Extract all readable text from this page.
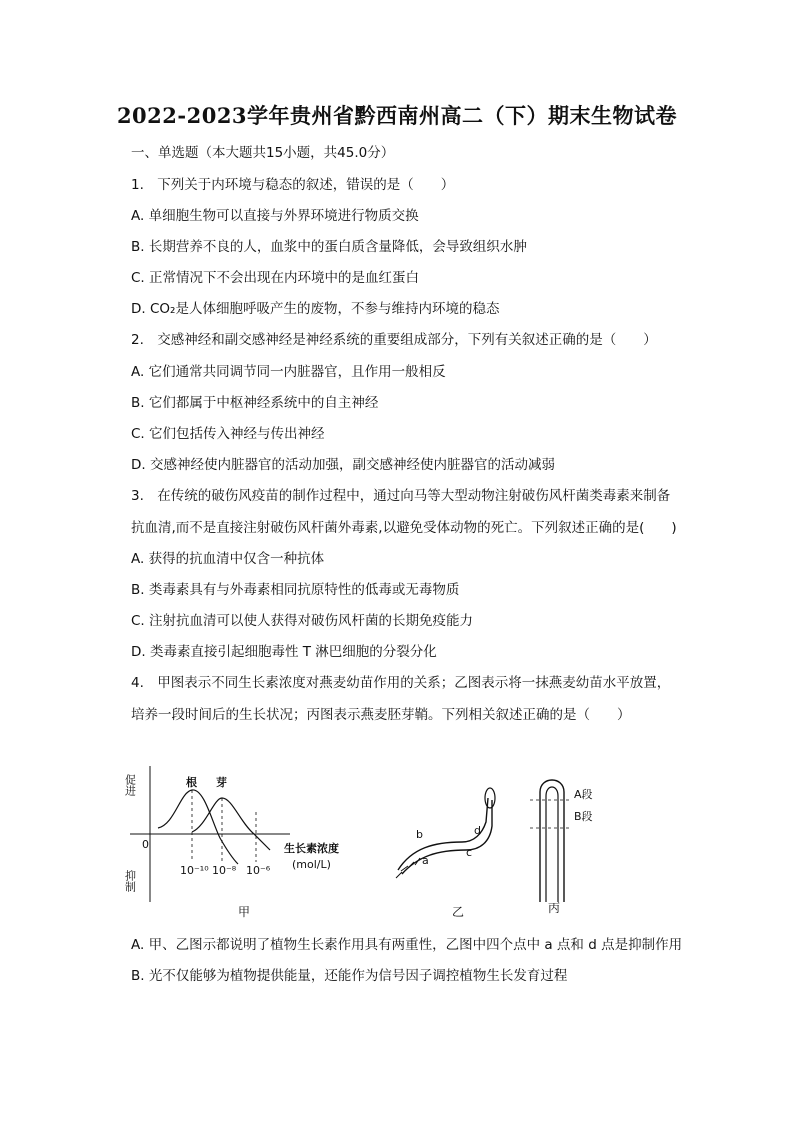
2022-2023学年贵州省黔西南州高二（下）期末生物试卷
一、单选题（本大题共15小题，共45.0分）
1. 下列关于内环境与稳态的叙述，错误的是（　　）
A. 单细胞生物可以直接与外界环境进行物质交换
B. 长期营养不良的人，血浆中的蛋白质含量降低，会导致组织水肿
C. 正常情况下不会出现在内环境中的是血红蛋白
D. CO₂是人体细胞呼吸产生的废物，不参与维持内环境的稳态
2. 交感神经和副交感神经是神经系统的重要组成部分，下列有关叙述正确的是（　　）
A. 它们通常共同调节同一内脏器官，且作用一般相反
B. 它们都属于中枢神经系统中的自主神经
C. 它们包括传入神经与传出神经
D. 交感神经使内脏器官的活动加强，副交感神经使内脏器官的活动减弱
3. 在传统的破伤风疫苗的制作过程中，通过向马等大型动物注射破伤风杆菌类毒素来制备
抗血清,而不是直接注射破伤风杆菌外毒素,以避免受体动物的死亡。下列叙述正确的是(　　)
A. 获得的抗血清中仅含一种抗体
B. 类毒素具有与外毒素相同抗原特性的低毒或无毒物质
C. 注射抗血清可以使人获得对破伤风杆菌的长期免疫能力
D. 类毒素直接引起细胞毒性 T 淋巴细胞的分裂分化
4. 甲图表示不同生长素浓度对燕麦幼苗作用的关系；乙图表示将一抹燕麦幼苗水平放置，
培养一段时间后的生长状况；丙图表示燕麦胚芽鞘。下列相关叙述正确的是（　　）
促进
抑制
0
根 芽
10⁻¹⁰ 10⁻⁸ 10⁻⁶
生长素浓度
(mol/L)
甲
b
a
d
c
乙
A段
B段
丙
A. 甲、乙图示都说明了植物生长素作用具有两重性，乙图中四个点中 a 点和 d 点是抑制作用
B. 光不仅能够为植物提供能量，还能作为信号因子调控植物生长发育过程
